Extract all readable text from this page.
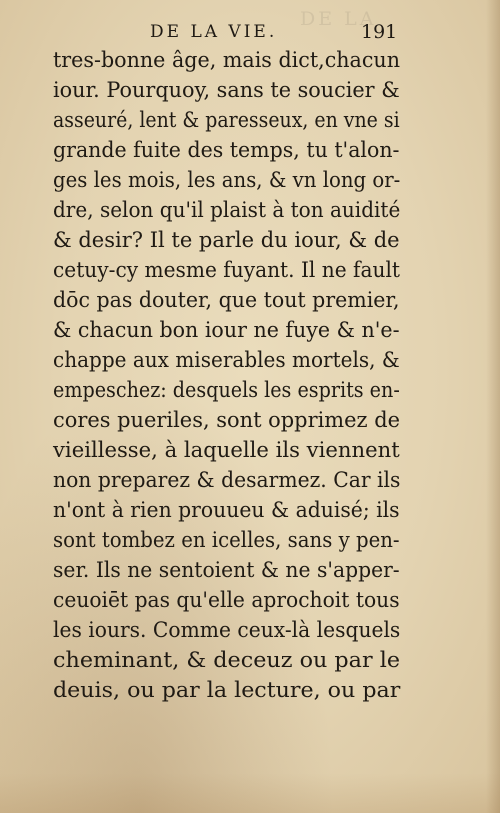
DE LA
DE LA VIE.	191
tres-bonne âge, mais dict,chacun
iour. Pourquoy, sans te soucier &
asseuré, lent & paresseux, en vne si
grande fuite des temps, tu t'alon-
ges les mois, les ans, & vn long or-
dre, selon qu'il plaist à ton auidité
& desir? Il te parle du iour, & de
cetuy-cy mesme fuyant. Il ne fault
dōc pas douter, que tout premier,
& chacun bon iour ne fuye & n'e-
chappe aux miserables mortels, &
empeschez: desquels les esprits en-
cores pueriles, sont opprimez de
vieillesse, à laquelle ils viennent
non preparez & desarmez. Car ils
n'ont à rien prouueu & aduisé; ils
sont tombez en icelles, sans y pen-
ser. Ils ne sentoient & ne s'apper-
ceuoiēt pas qu'elle aprochoit tous
les iours. Comme ceux-là lesquels
cheminant, & deceuz ou par le
deuis, ou par la lecture, ou par
